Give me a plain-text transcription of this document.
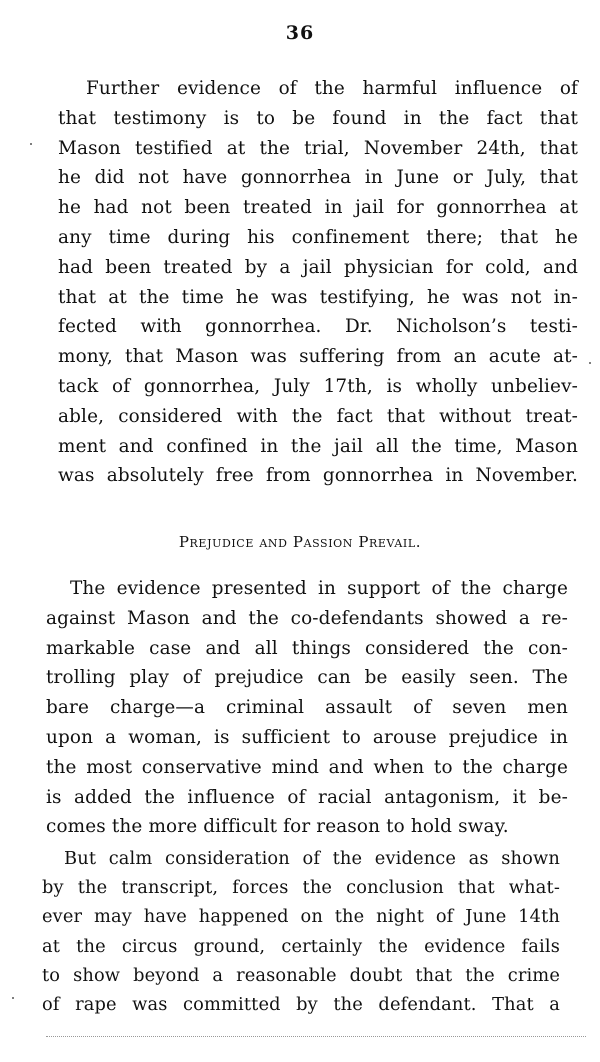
36

Further evidence of the harmful influence of
that testimony is to be found in the fact that
Mason testified at the trial, November 24th, that
he did not have gonnorrhea in June or July, that
he had not been treated in jail for gonnorrhea at
any time during his confinement there; that he
had been treated by a jail physician for cold, and
that at the time he was testifying, he was not in-
fected with gonnorrhea. Dr. Nicholson’s testi-
mony, that Mason was suffering from an acute at-
tack of gonnorrhea, July 17th, is wholly unbeliev-
able, considered with the fact that without treat-
ment and confined in the jail all the time, Mason
was absolutely free from gonnorrhea in November.

Prejudice and Passion Prevail.

The evidence presented in support of the charge
against Mason and the co-defendants showed a re-
markable case and all things considered the con-
trolling play of prejudice can be easily seen. The
bare charge—a criminal assault of seven men
upon a woman, is sufficient to arouse prejudice in
the most conservative mind and when to the charge
is added the influence of racial antagonism, it be-
comes the more difficult for reason to hold sway.

But calm consideration of the evidence as shown
by the transcript, forces the conclusion that what-
ever may have happened on the night of June 14th
at the circus ground, certainly the evidence fails
to show beyond a reasonable doubt that the crime
of rape was committed by the defendant. That a
